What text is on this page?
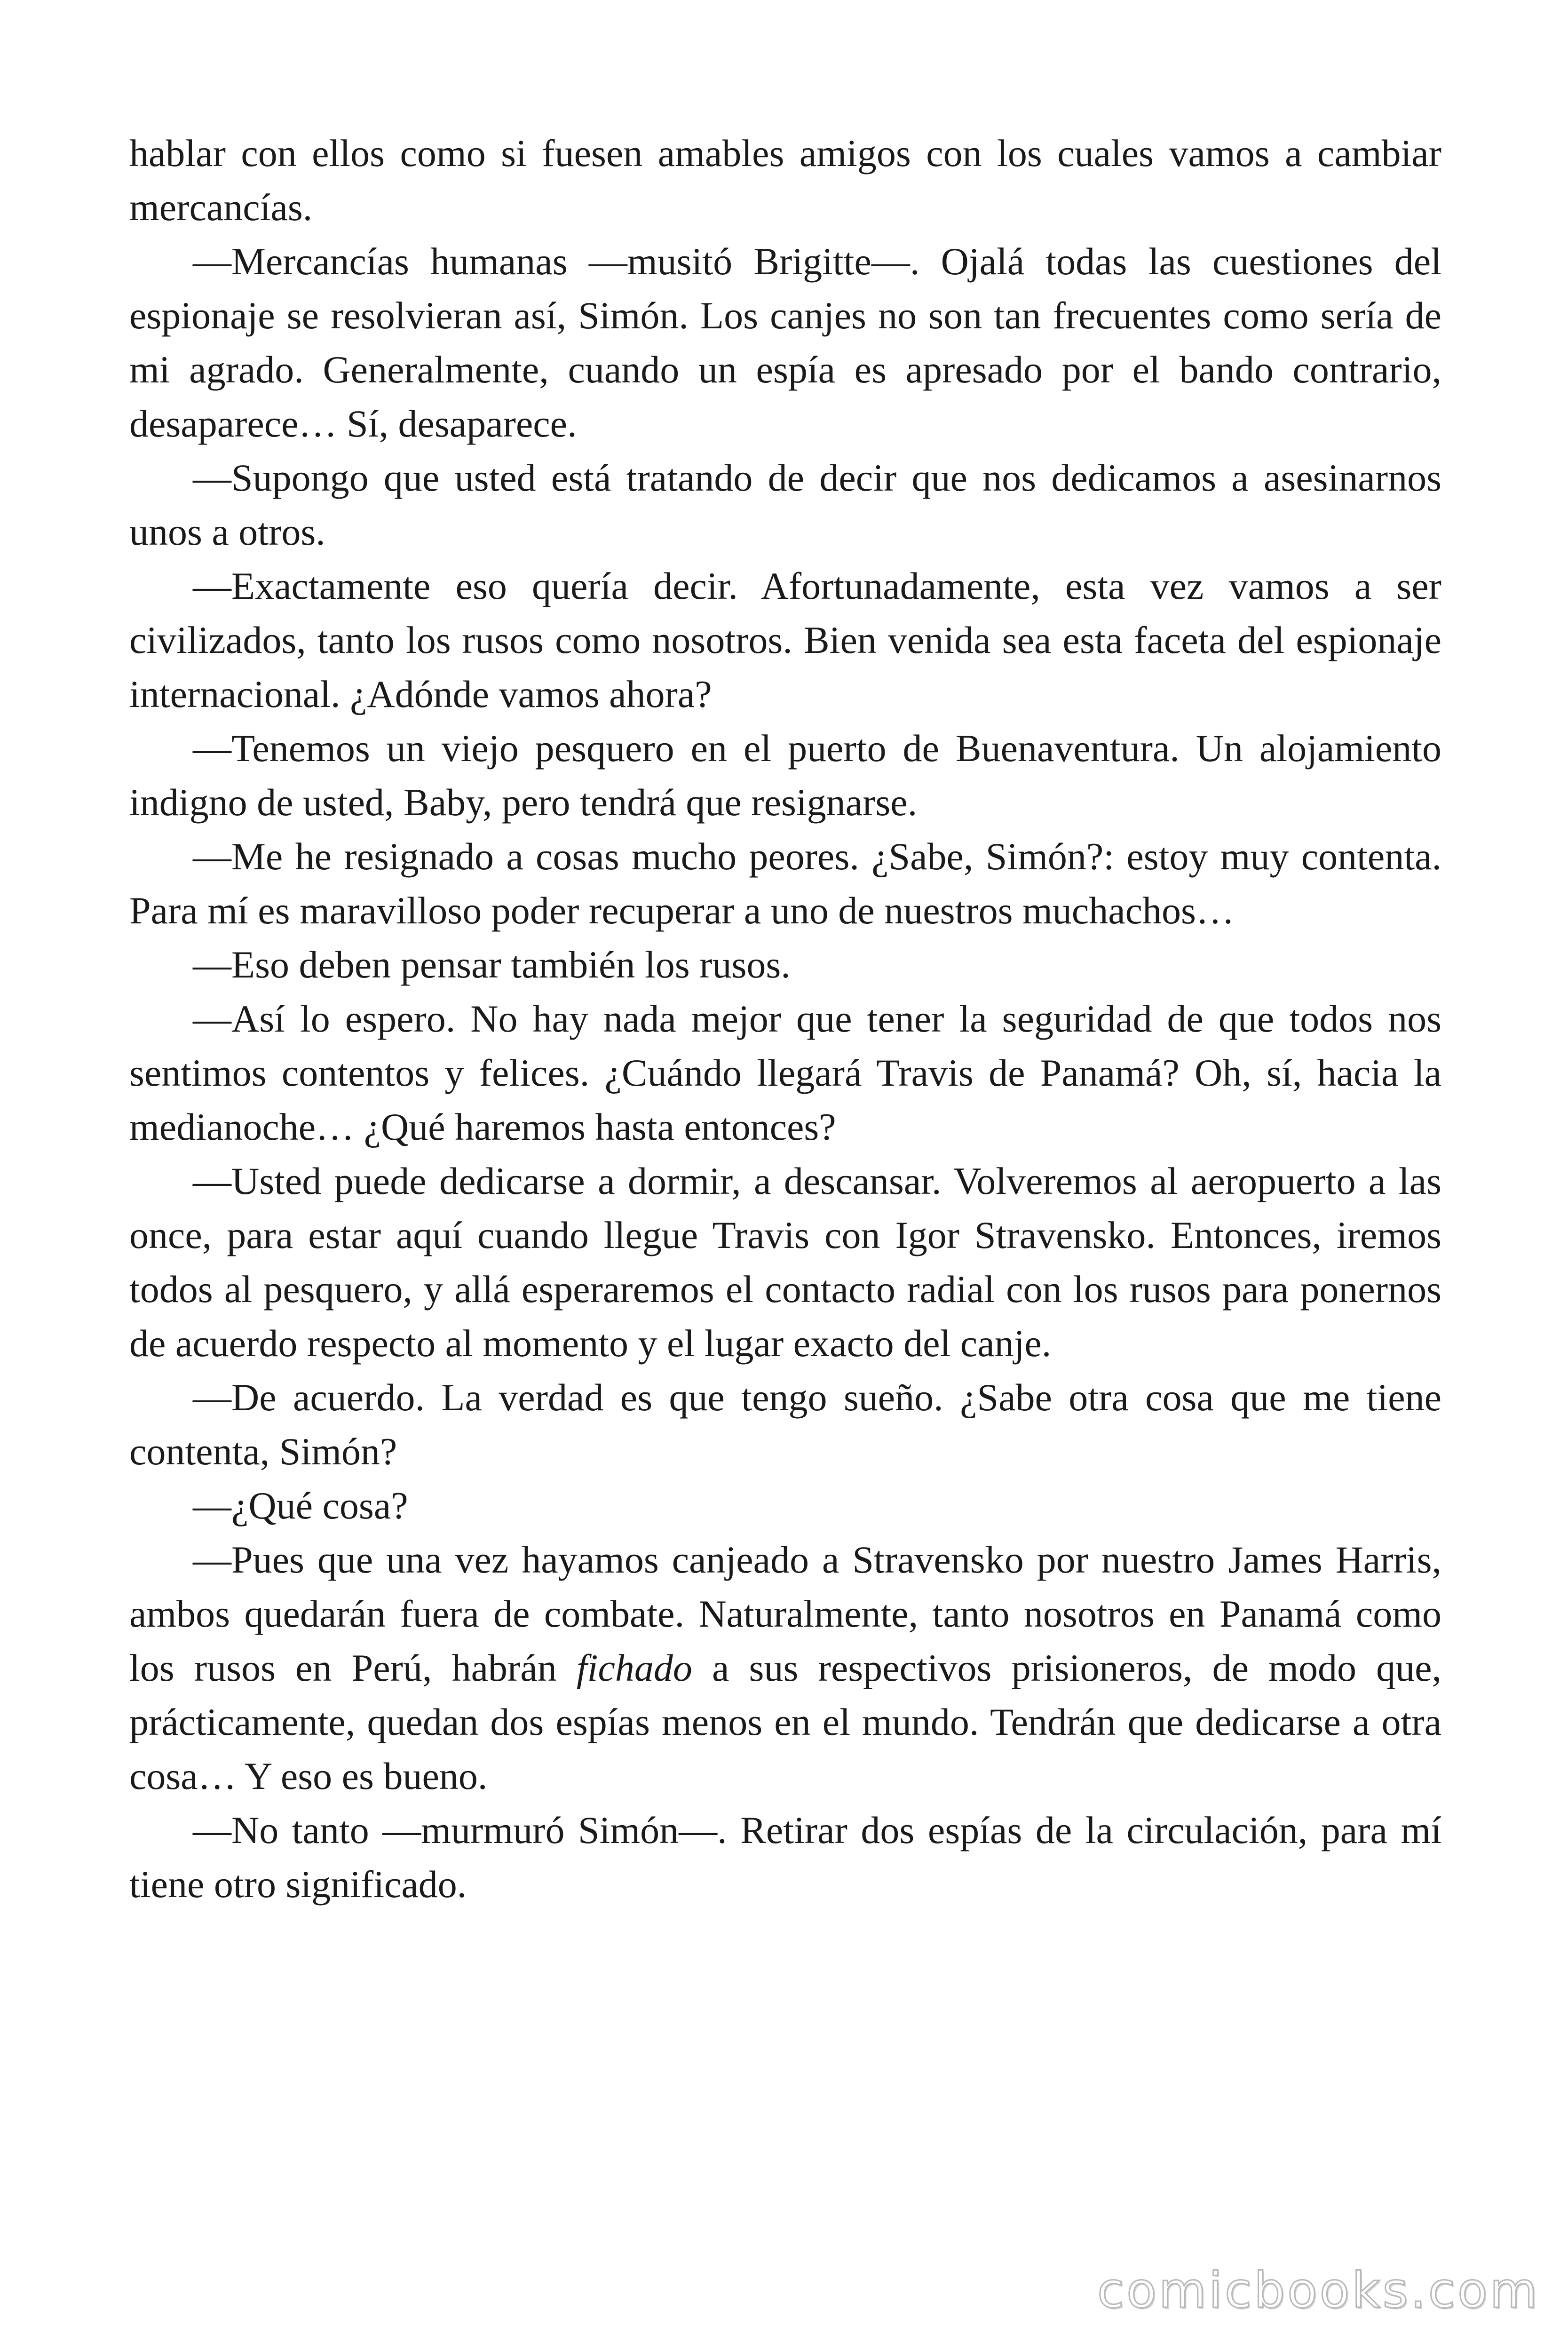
hablar con ellos como si fuesen amables amigos con los cuales vamos a cambiar mercancías.

—Mercancías humanas —musitó Brigitte—. Ojalá todas las cuestiones del espionaje se resolvieran así, Simón. Los canjes no son tan frecuentes como sería de mi agrado. Generalmente, cuando un espía es apresado por el bando contrario, desaparece… Sí, desaparece.

—Supongo que usted está tratando de decir que nos dedicamos a asesinarnos unos a otros.

—Exactamente eso quería decir. Afortunadamente, esta vez vamos a ser civilizados, tanto los rusos como nosotros. Bien venida sea esta faceta del espionaje internacional. ¿Adónde vamos ahora?

—Tenemos un viejo pesquero en el puerto de Buenaventura. Un alojamiento indigno de usted, Baby, pero tendrá que resignarse.

—Me he resignado a cosas mucho peores. ¿Sabe, Simón?: estoy muy contenta. Para mí es maravilloso poder recuperar a uno de nuestros muchachos…

—Eso deben pensar también los rusos.

—Así lo espero. No hay nada mejor que tener la seguridad de que todos nos sentimos contentos y felices. ¿Cuándo llegará Travis de Panamá? Oh, sí, hacia la medianoche… ¿Qué haremos hasta entonces?

—Usted puede dedicarse a dormir, a descansar. Volveremos al aeropuerto a las once, para estar aquí cuando llegue Travis con Igor Stravensko. Entonces, iremos todos al pesquero, y allá esperaremos el contacto radial con los rusos para ponernos de acuerdo respecto al momento y el lugar exacto del canje.

—De acuerdo. La verdad es que tengo sueño. ¿Sabe otra cosa que me tiene contenta, Simón?

—¿Qué cosa?

—Pues que una vez hayamos canjeado a Stravensko por nuestro James Harris, ambos quedarán fuera de combate. Naturalmente, tanto nosotros en Panamá como los rusos en Perú, habrán fichado a sus respectivos prisioneros, de modo que, prácticamente, quedan dos espías menos en el mundo. Tendrán que dedicarse a otra cosa… Y eso es bueno.

—No tanto —murmuró Simón—. Retirar dos espías de la circulación, para mí tiene otro significado.

comicbooks.com
